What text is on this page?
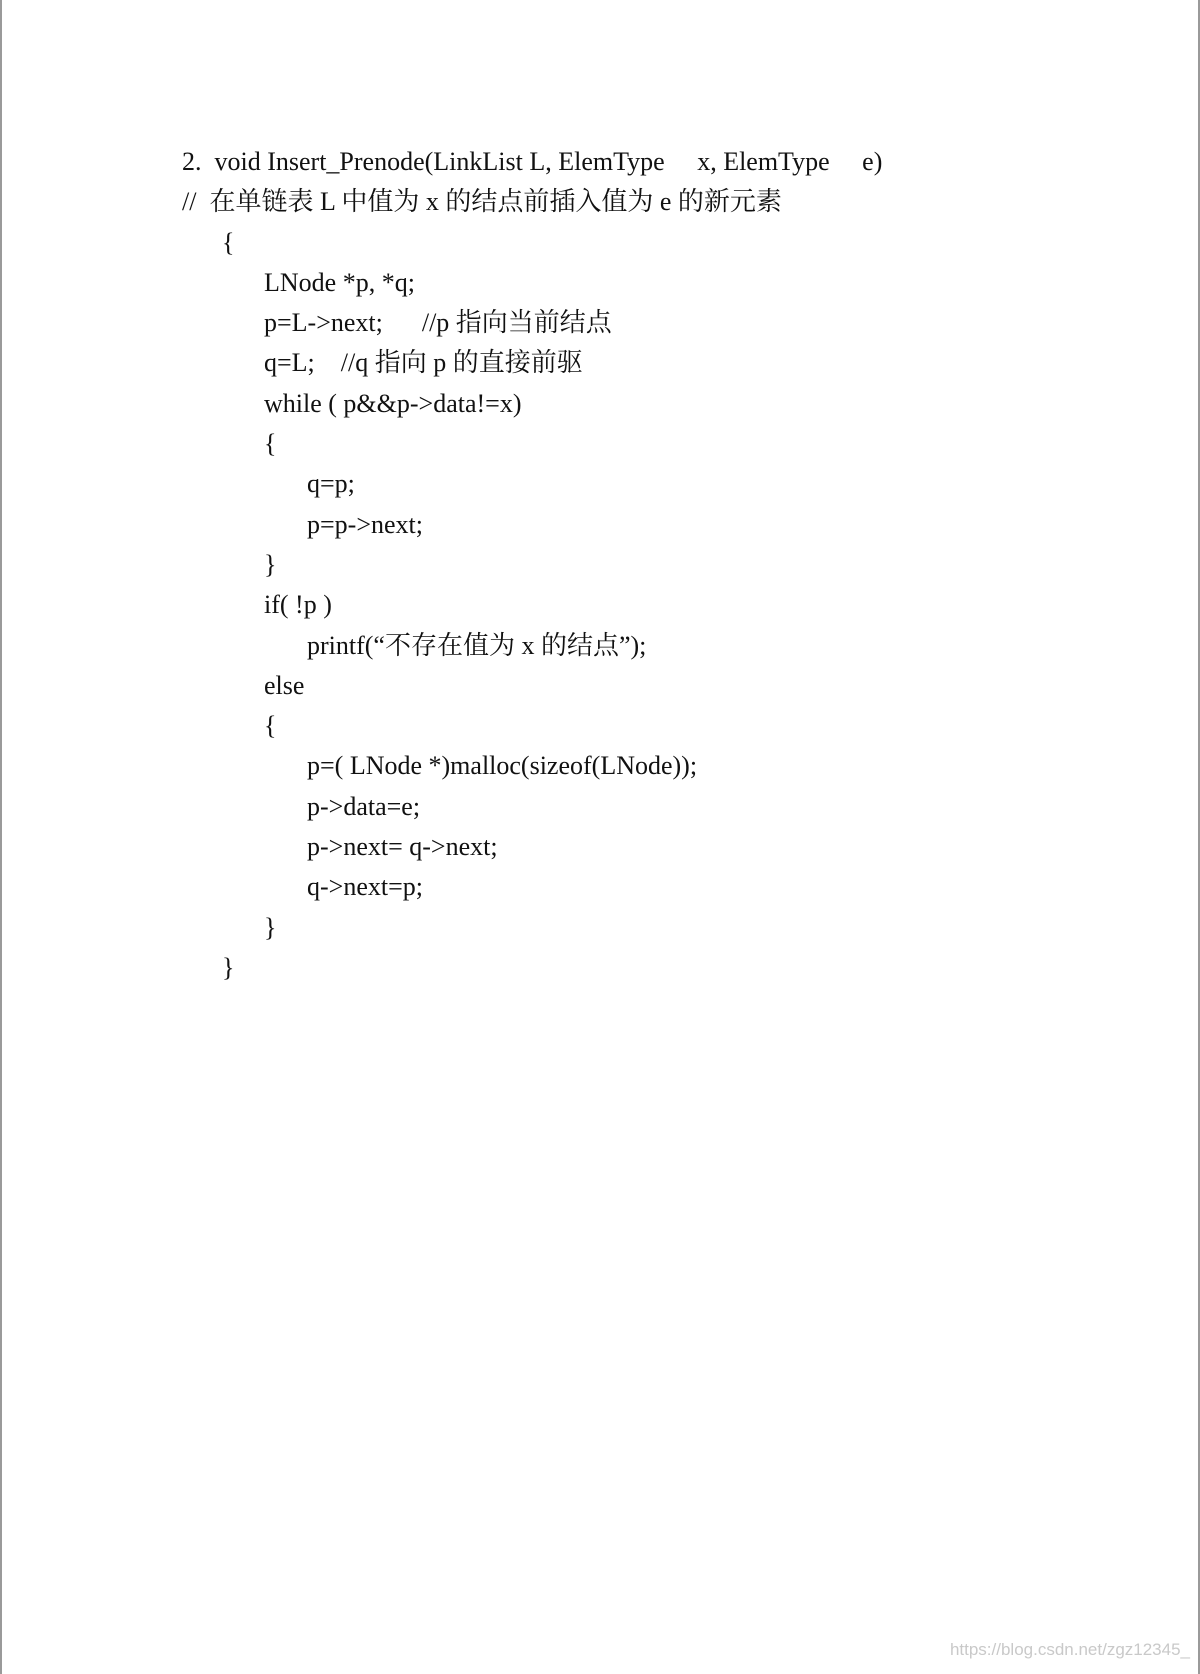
2.  void Insert_Prenode(LinkList L, ElemType     x, ElemType     e)
//  在单链表 L 中值为 x 的结点前插入值为 e 的新元素
{
LNode *p, *q;
p=L->next;      //p 指向当前结点
q=L;    //q 指向 p 的直接前驱
while ( p&&p->data!=x)
{
q=p;
p=p->next;
}
if( !p )
printf(“不存在值为 x 的结点”);
else
{
p=( LNode *)malloc(sizeof(LNode));
p->data=e;
p->next= q->next;
q->next=p;
}
}
https://blog.csdn.net/zgz12345_
